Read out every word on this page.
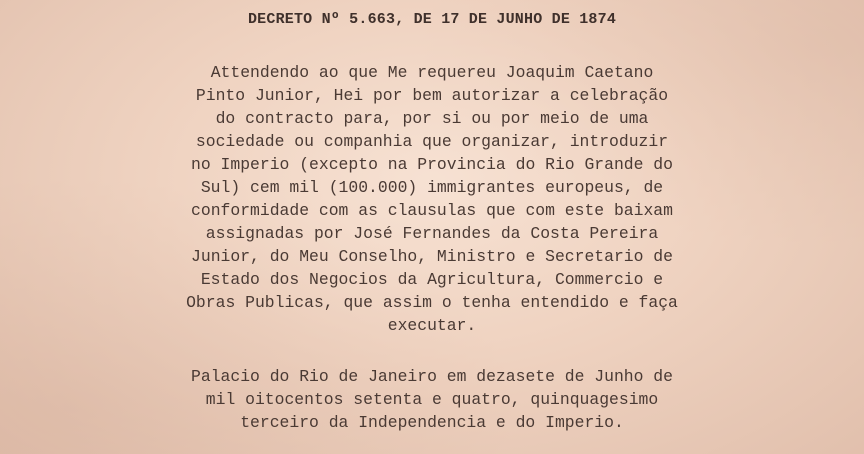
DECRETO Nº 5.663, DE 17 DE JUNHO DE 1874
Attendendo ao que Me requereu Joaquim Caetano
Pinto Junior, Hei por bem autorizar a celebração
do contracto para, por si ou por meio de uma
sociedade ou companhia que organizar, introduzir
no Imperio (excepto na Provincia do Rio Grande do
Sul) cem mil (100.000) immigrantes europeus, de
conformidade com as clausulas que com este baixam
assignadas por José Fernandes da Costa Pereira
Junior, do Meu Conselho, Ministro e Secretario de
Estado dos Negocios da Agricultura, Commercio e
Obras Publicas, que assim o tenha entendido e faça
executar.
Palacio do Rio de Janeiro em dezasete de Junho de
mil oitocentos setenta e quatro, quinquagesimo
terceiro da Independencia e do Imperio.
